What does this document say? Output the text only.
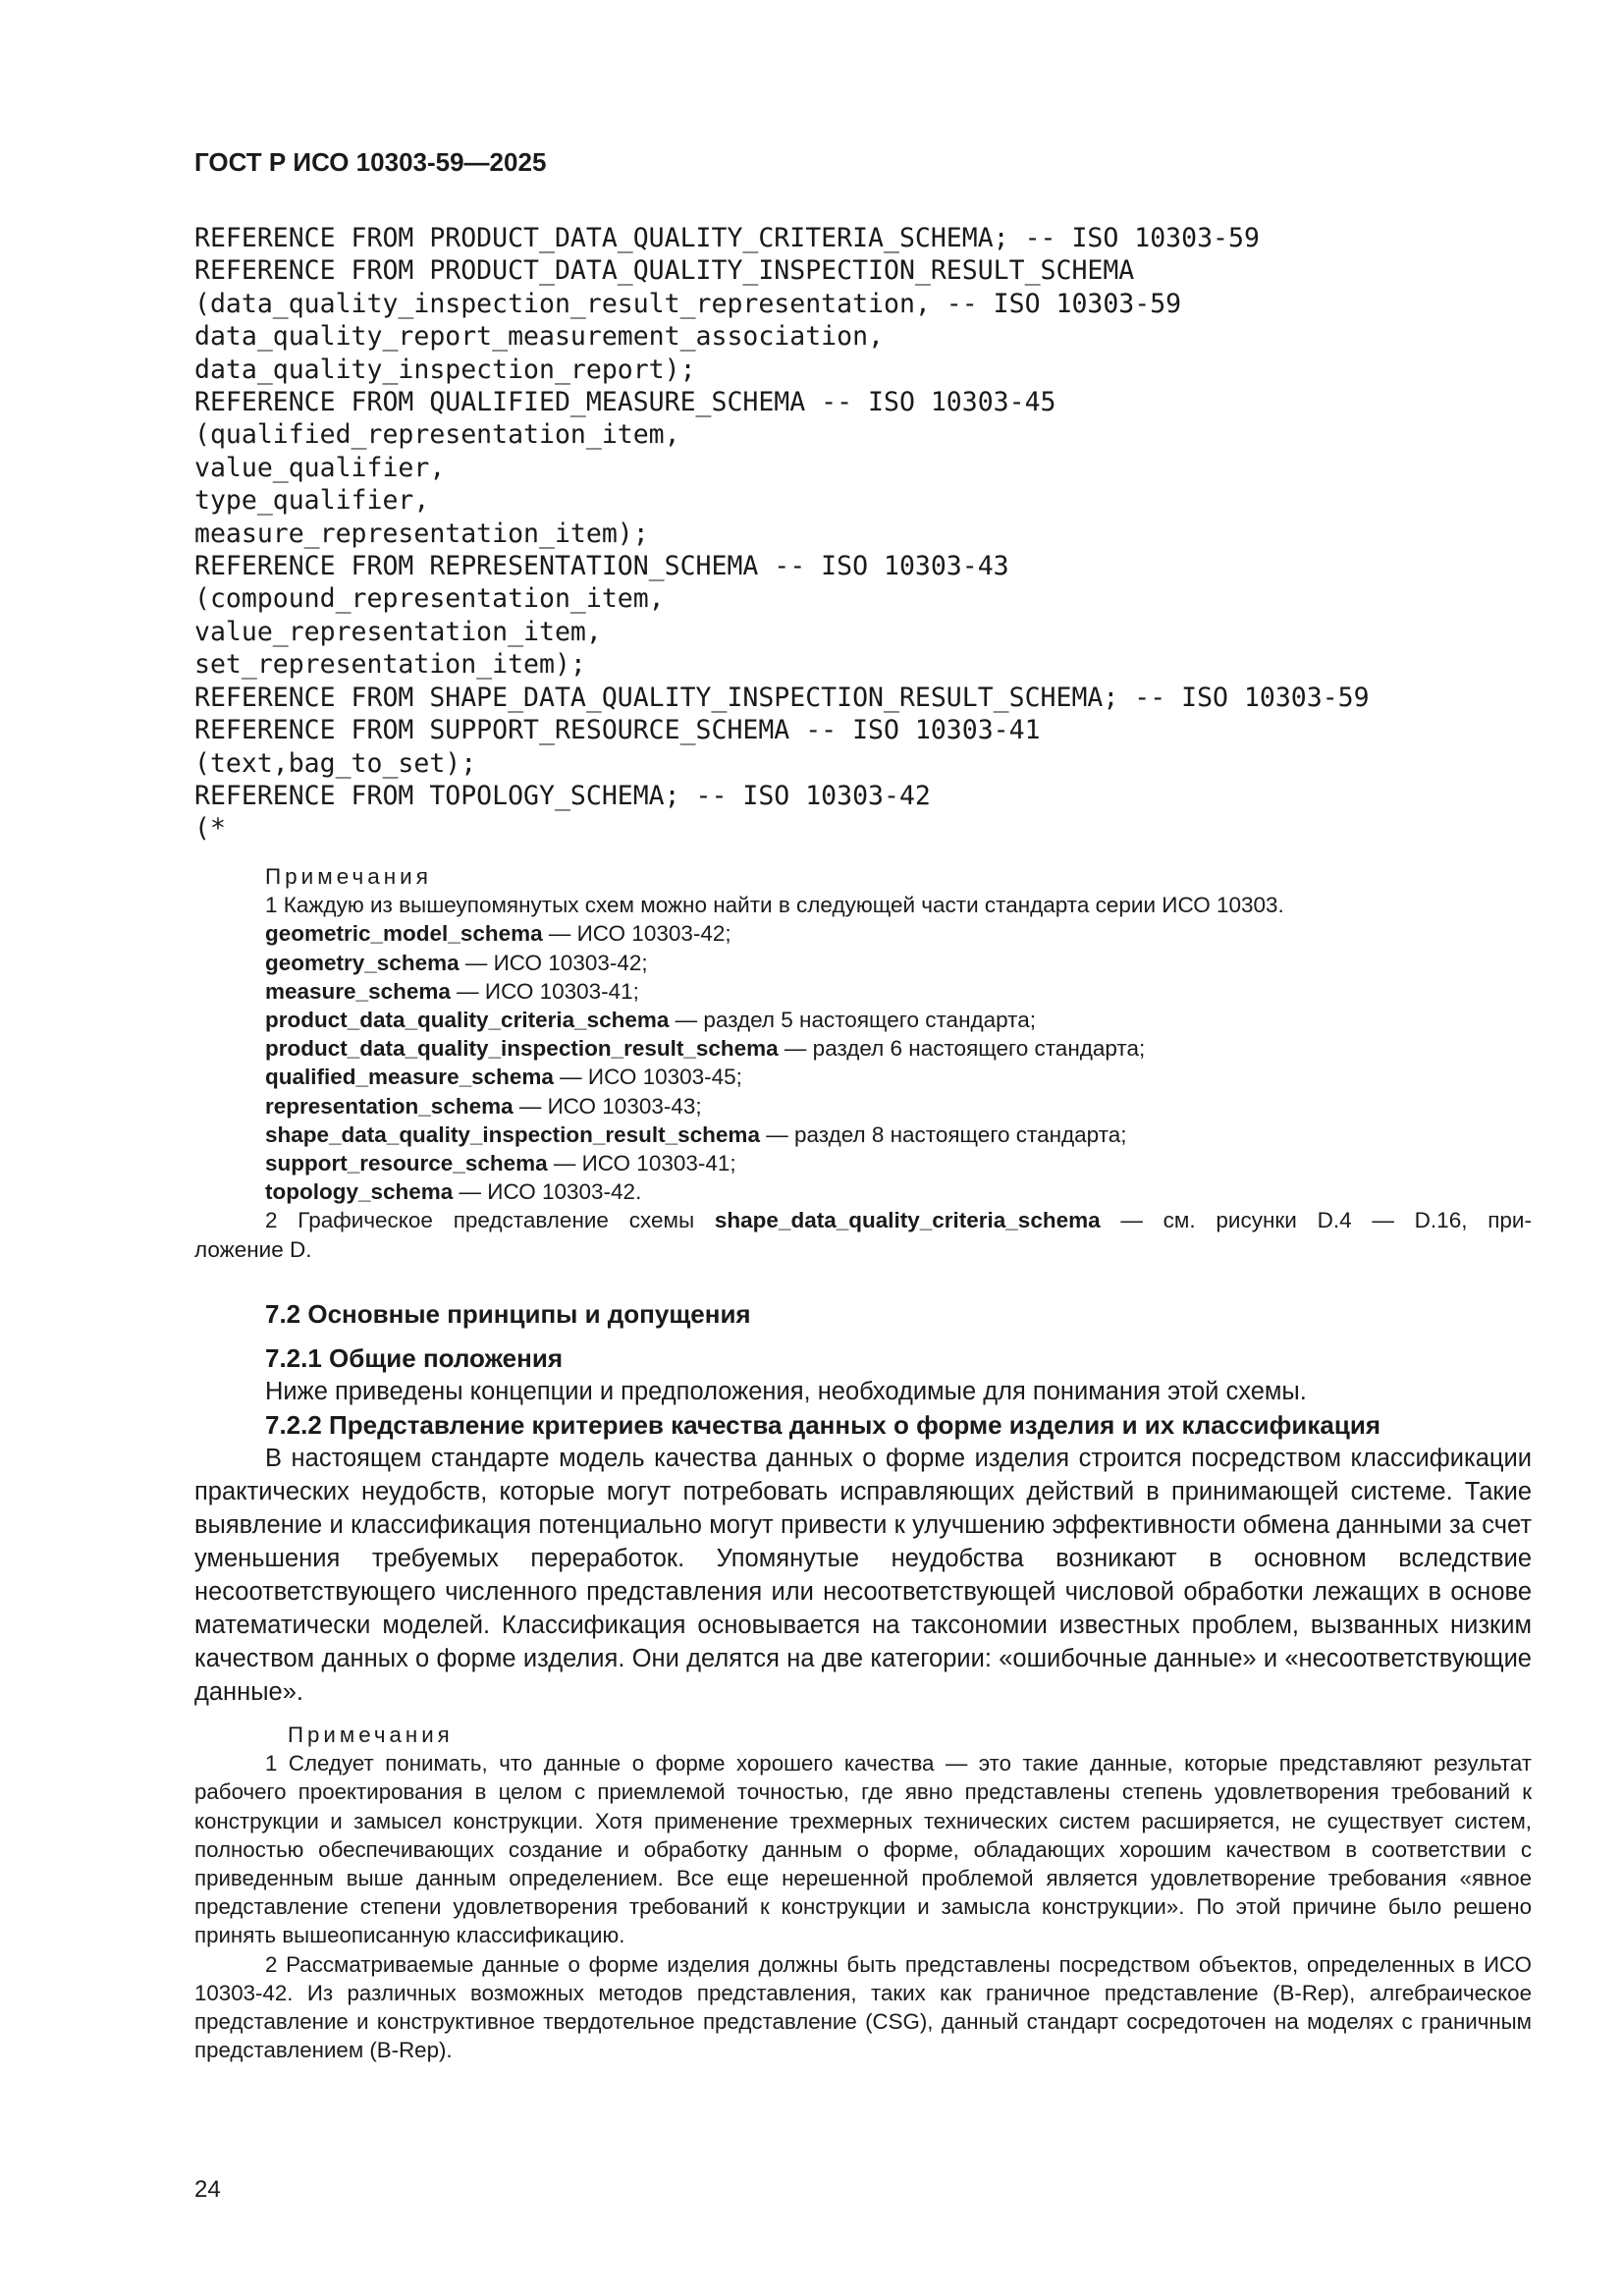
ГОСТ Р ИСО 10303-59—2025
REFERENCE FROM PRODUCT_DATA_QUALITY_CRITERIA_SCHEMA; -- ISO 10303-59
REFERENCE FROM PRODUCT_DATA_QUALITY_INSPECTION_RESULT_SCHEMA
(data_quality_inspection_result_representation, -- ISO 10303-59
data_quality_report_measurement_association,
data_quality_inspection_report);
REFERENCE FROM QUALIFIED_MEASURE_SCHEMA -- ISO 10303-45
(qualified_representation_item,
value_qualifier,
type_qualifier,
measure_representation_item);
REFERENCE FROM REPRESENTATION_SCHEMA -- ISO 10303-43
(compound_representation_item,
value_representation_item,
set_representation_item);
REFERENCE FROM SHAPE_DATA_QUALITY_INSPECTION_RESULT_SCHEMA; -- ISO 10303-59
REFERENCE FROM SUPPORT_RESOURCE_SCHEMA -- ISO 10303-41
(text,bag_to_set);
REFERENCE FROM TOPOLOGY_SCHEMA; -- ISO 10303-42
(*
Примечания
1 Каждую из вышеупомянутых схем можно найти в следующей части стандарта серии ИСО 10303.
geometric_model_schema — ИСО 10303-42;
geometry_schema — ИСО 10303-42;
measure_schema — ИСО 10303-41;
product_data_quality_criteria_schema — раздел 5 настоящего стандарта;
product_data_quality_inspection_result_schema — раздел 6 настоящего стандарта;
qualified_measure_schema — ИСО 10303-45;
representation_schema — ИСО 10303-43;
shape_data_quality_inspection_result_schema — раздел 8 настоящего стандарта;
support_resource_schema — ИСО 10303-41;
topology_schema — ИСО 10303-42.
2 Графическое представление схемы shape_data_quality_criteria_schema — см. рисунки D.4 — D.16, при-
ложение D.
7.2 Основные принципы и допущения
7.2.1 Общие положения

Ниже приведены концепции и предположения, необходимые для понимания этой схемы.

7.2.2 Представление критериев качества данных о форме изделия и их классификация

В настоящем стандарте модель качества данных о форме изделия строится посредством классификации практических неудобств, которые могут потребовать исправляющих действий в принимающей системе. Такие выявление и классификация потенциально могут привести к улучшению эффективности обмена данными за счет уменьшения требуемых переработок. Упомянутые неудобства возникают в основном вследствие несоответствующего численного представления или несоответствующей числовой обработки лежащих в основе математически моделей. Классификация основывается на таксономии известных проблем, вызванных низким качеством данных о форме изделия. Они делятся на две категории: «ошибочные данные» и «несоответствующие данные».

Примечания

1 Следует понимать, что данные о форме хорошего качества — это такие данные, которые представляют результат рабочего проектирования в целом с приемлемой точностью, где явно представлены степень удовлетворения требований к конструкции и замысел конструкции. Хотя применение трехмерных технических систем расширяется, не существует систем, полностью обеспечивающих создание и обработку данным о форме, обладающих хорошим качеством в соответствии с приведенным выше данным определением. Все еще нерешенной проблемой является удовлетворение требования «явное представление степени удовлетворения требований к конструкции и замысла конструкции». По этой причине было решено принять вышеописанную классификацию.

2 Рассматриваемые данные о форме изделия должны быть представлены посредством объектов, определенных в ИСО 10303-42. Из различных возможных методов представления, таких как граничное представление (B-Rep), алгебраическое представление и конструктивное твердотельное представление (CSG), данный стандарт сосредоточен на моделях с граничным представлением (B-Rep).

24
